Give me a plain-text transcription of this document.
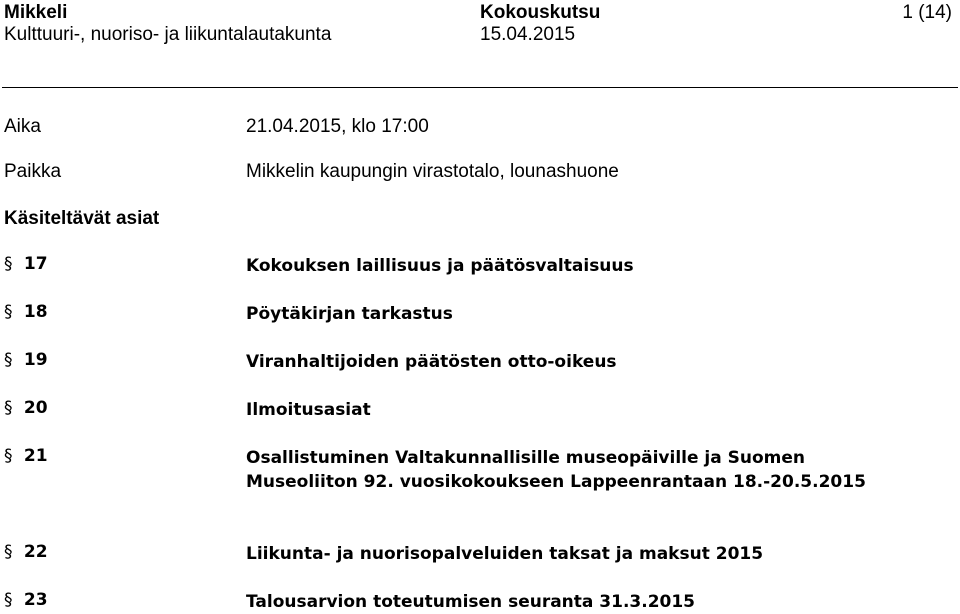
Mikkeli
Kulttuuri-, nuoriso- ja liikuntalautakunta
Kokouskutsu
15.04.2015
1 (14)
Aika	21.04.2015, klo 17:00
Paikka	Mikkelin kaupungin virastotalo, lounashuone
Käsiteltävät asiat
§ 17	Kokouksen laillisuus ja päätösvaltaisuus
§ 18	Pöytäkirjan tarkastus
§ 19	Viranhaltijoiden päätösten otto-oikeus
§ 20	Ilmoitusasiat
§ 21	Osallistuminen Valtakunnallisille museopäiville ja Suomen Museoliiton 92. vuosikokoukseen Lappeenrantaan 18.-20.5.2015
§ 22	Liikunta- ja nuorisopalveluiden taksat ja maksut 2015
§ 23	Talousarvion toteutumisen seuranta 31.3.2015
